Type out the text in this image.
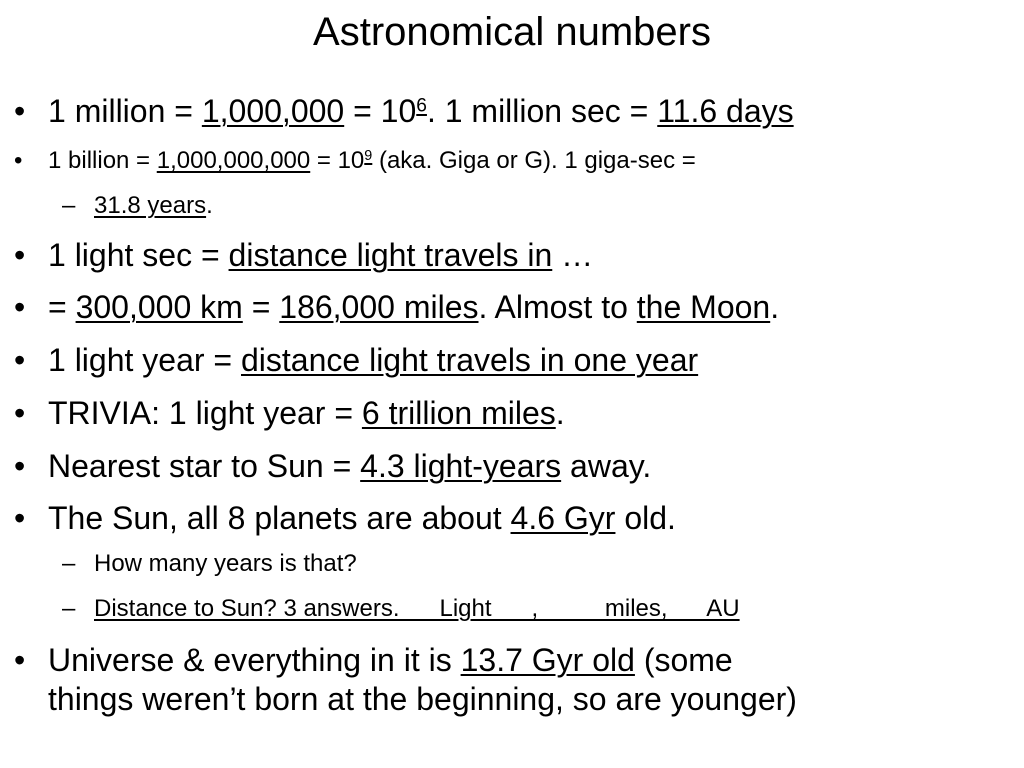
Astronomical numbers
• 1 million = $1,000,000 = 10^6$. 1 million sec = 11.6 days
• 1 billion = $1,000,000,000 = 10^9$ (aka. Giga or G). 1 giga-sec =
– 31.8 years.
• 1 light sec = distance light travels in …
• = 300,000 km = 186,000 miles. Almost to the Moon.
• 1 light year = distance light travels in one year
• TRIVIA: 1 light year = 6 trillion miles.
• Nearest star to Sun = 4.3 light-years away.
• The Sun, all 8 planets are about 4.6 Gyr old.
– How many years is that?
– Distance to Sun? 3 answers.      Light      ,          miles,      AU
• Universe & everything in it is 13.7 Gyr old (some
things weren’t born at the beginning, so are younger)
